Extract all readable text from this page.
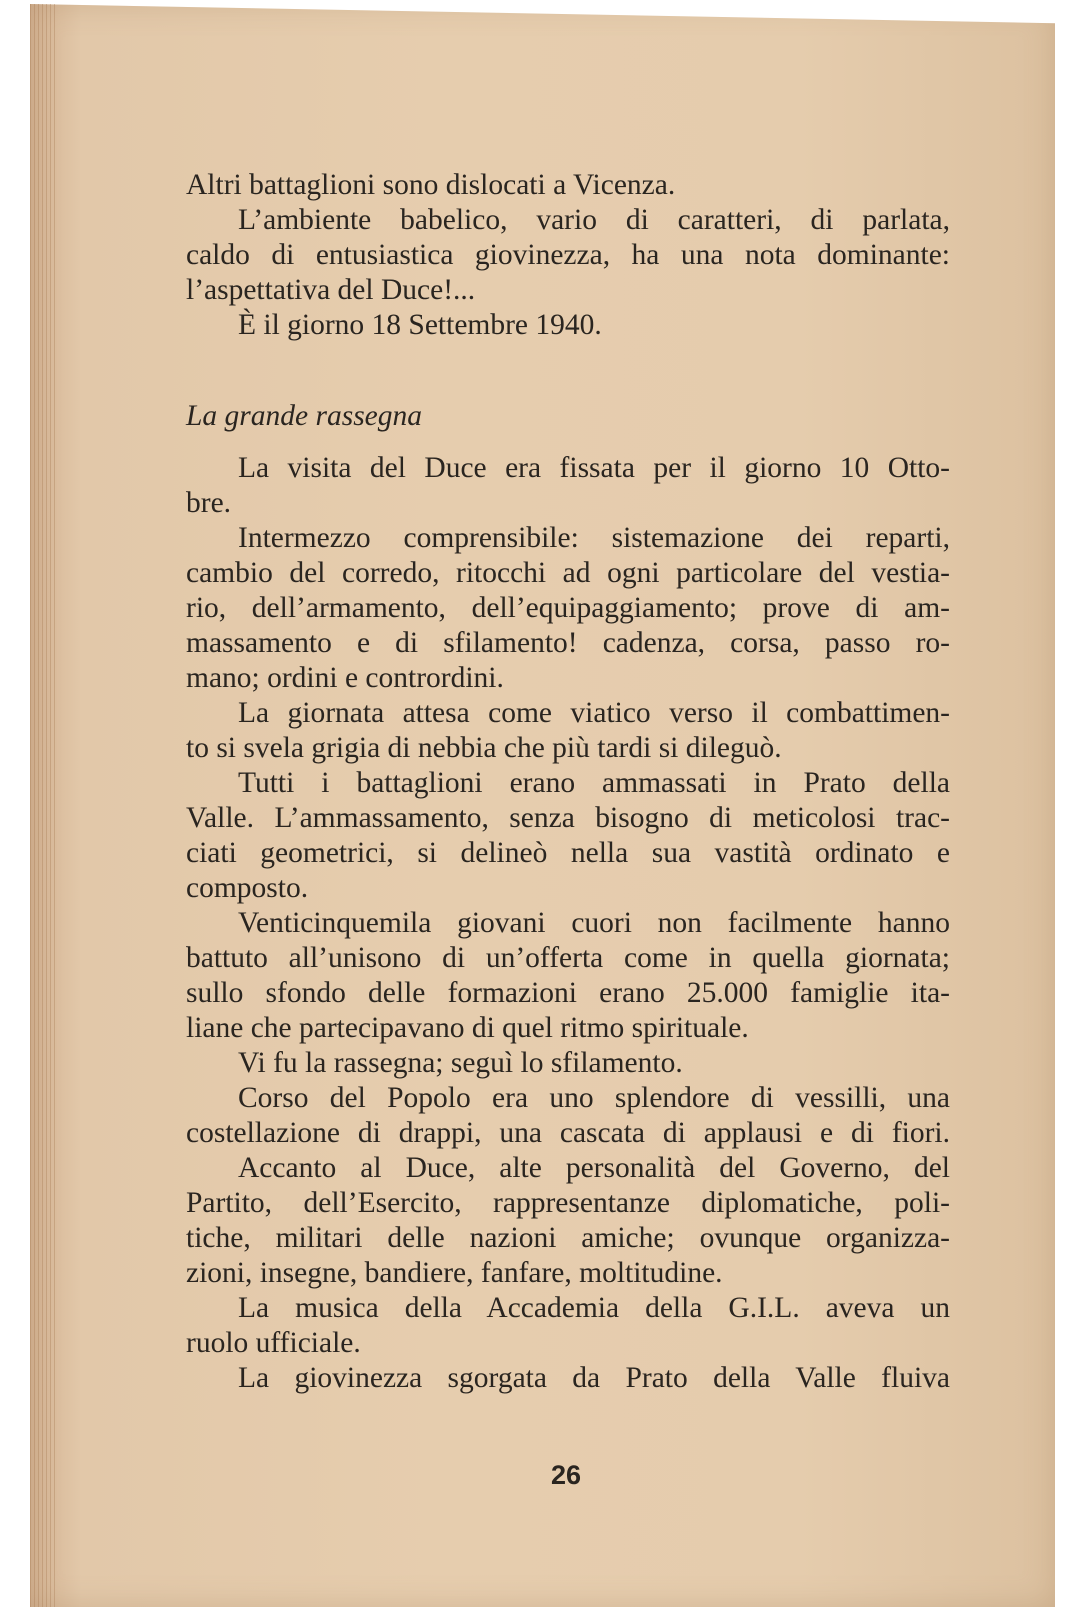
Altri battaglioni sono dislocati a Vicenza.
L’ambiente babelico, vario di caratteri, di parlata,
caldo di entusiastica giovinezza, ha una nota dominante:
l’aspettativa del Duce!...
È il giorno 18 Settembre 1940.
La grande rassegna
La visita del Duce era fissata per il giorno 10 Otto-
bre.
Intermezzo comprensibile: sistemazione dei reparti,
cambio del corredo, ritocchi ad ogni particolare del vestia-
rio, dell’armamento, dell’equipaggiamento; prove di am-
massamento e di sfilamento! cadenza, corsa, passo ro-
mano; ordini e contrordini.
La giornata attesa come viatico verso il combattimen-
to si svela grigia di nebbia che più tardi si dileguò.
Tutti i battaglioni erano ammassati in Prato della
Valle. L’ammassamento, senza bisogno di meticolosi trac-
ciati geometrici, si delineò nella sua vastità ordinato e
composto.
Venticinquemila giovani cuori non facilmente hanno
battuto all’unisono di un’offerta come in quella giornata;
sullo sfondo delle formazioni erano 25.000 famiglie ita-
liane che partecipavano di quel ritmo spirituale.
Vi fu la rassegna; seguì lo sfilamento.
Corso del Popolo era uno splendore di vessilli, una
costellazione di drappi, una cascata di applausi e di fiori.
Accanto al Duce, alte personalità del Governo, del
Partito, dell’Esercito, rappresentanze diplomatiche, poli-
tiche, militari delle nazioni amiche; ovunque organizza-
zioni, insegne, bandiere, fanfare, moltitudine.
La musica della Accademia della G.I.L. aveva un
ruolo ufficiale.
La giovinezza sgorgata da Prato della Valle fluiva
26
